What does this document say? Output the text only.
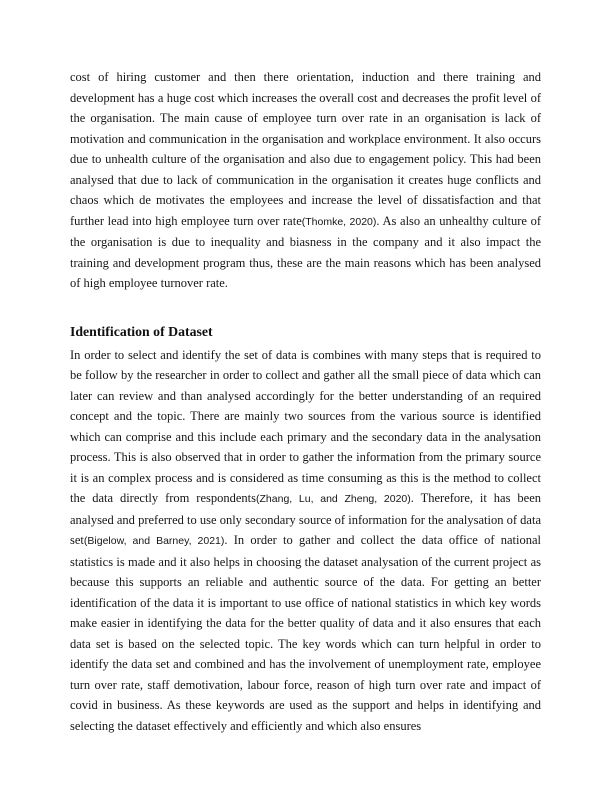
cost of hiring customer and then there orientation, induction and there training and development has a huge cost which increases the overall cost and decreases the profit level of the organisation. The main cause of employee turn over rate in an organisation is lack of motivation and communication in the organisation and workplace environment. It also occurs due to unhealth culture of the organisation and also due to engagement policy. This had been analysed that due to lack of communication in the organisation it creates huge conflicts and chaos which de motivates the employees and increase the level of dissatisfaction and that further lead into high employee turn over rate(Thomke, 2020). As also an unhealthy culture of the organisation is due to inequality and biasness in the company and it also impact the training and development program thus, these are the main reasons which has been analysed of high employee turnover rate.

Identification of Dataset

In order to select and identify the set of data is combines with many steps that is required to be follow by the researcher in order to collect and gather all the small piece of data which can later can review and than analysed accordingly for the better understanding of an required concept and the topic. There are mainly two sources from the various source is identified which can comprise and this include each primary and the secondary data in the analysation process. This is also observed that in order to gather the information from the primary source it is an complex process and is considered as time consuming as this is the method to collect the data directly from respondents(Zhang, Lu, and Zheng, 2020). Therefore, it has been analysed and preferred to use only secondary source of information for the analysation of data set(Bigelow, and Barney, 2021). In order to gather and collect the data office of national statistics is made and it also helps in choosing the dataset analysation of the current project as because this supports an reliable and authentic source of the data. For getting an better identification of the data it is important to use office of national statistics in which key words make easier in identifying the data for the better quality of data and it also ensures that each data set is based on the selected topic. The key words which can turn helpful in order to identify the data set and combined and has the involvement of unemployment rate, employee turn over rate, staff demotivation, labour force, reason of high turn over rate and impact of covid in business. As these keywords are used as the support and helps in identifying and selecting the dataset effectively and efficiently and which also ensures
